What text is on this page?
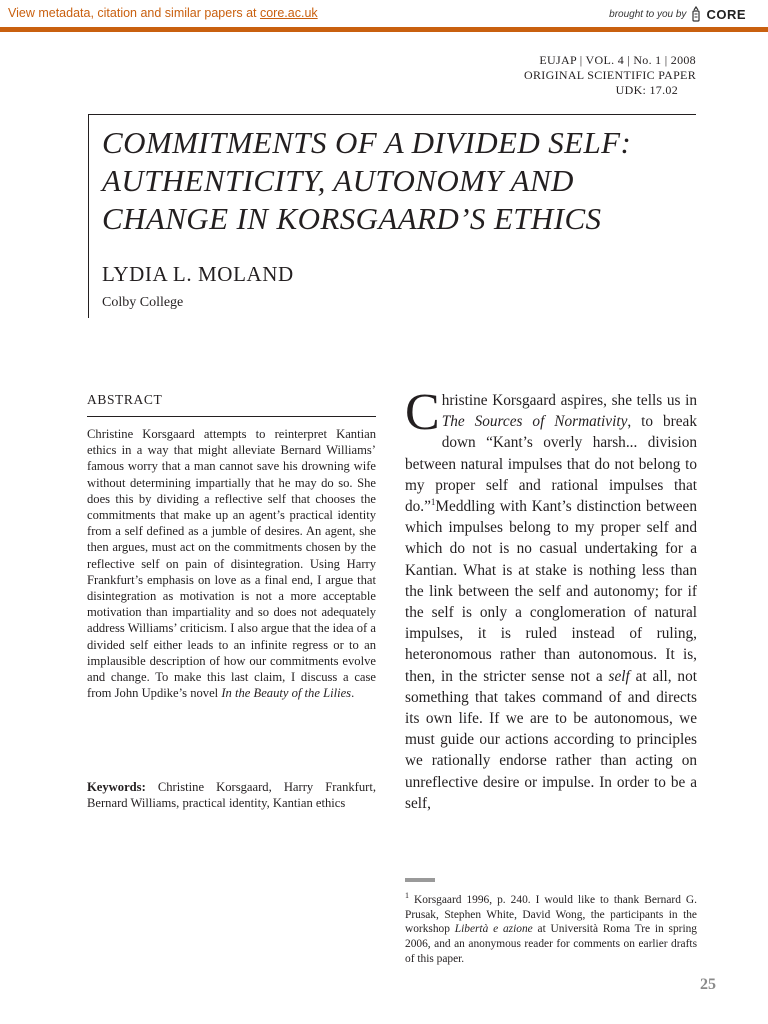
View metadata, citation and similar papers at core.ac.uk	brought to you by CORE
EUJAP | VOL. 4 | No. 1 | 2008
ORIGINAL SCIENTIFIC PAPER
UDK: 17.02
COMMITMENTS OF A DIVIDED SELF:
AUTHENTICITY, AUTONOMY AND
CHANGE IN KORSGAARD’S ETHICS
LYDIA L. MOLAND
Colby College
ABSTRACT

Christine Korsgaard attempts to reinterpret Kantian ethics in a way that might alleviate Bernard Williams’ famous worry that a man cannot save his drowning wife without determining impartially that he may do so. She does this by dividing a reflective self that chooses the commitments that make up an agent’s practical identity from a self defined as a jumble of desires. An agent, she then argues, must act on the commitments chosen by the reflective self on pain of disintegration. Using Harry Frankfurt’s emphasis on love as a final end, I argue that disintegration as motivation is not a more acceptable motivation than impartiality and so does not adequately address Williams’ criticism. I also argue that the idea of a divided self either leads to an infinite regress or to an implausible description of how our commitments evolve and change. To make this last claim, I discuss a case from John Updike’s novel In the Beauty of the Lilies.

Keywords: Christine Korsgaard, Harry Frankfurt, Bernard Williams, practical identity, Kantian ethics

Christine Korsgaard aspires, she tells us in The Sources of Normativity, to break down “Kant’s overly harsh... division between natural impulses that do not belong to my proper self and rational impulses that do.”$^1$Meddling with Kant’s distinction between which impulses belong to my proper self and which do not is no casual undertaking for a Kantian. What is at stake is nothing less than the link between the self and autonomy; for if the self is only a conglomeration of natural impulses, it is ruled instead of ruling, heteronomous rather than autonomous. It is, then, in the stricter sense not a self at all, not something that takes command of and directs its own life. If we are to be autonomous, we must guide our actions according to principles we rationally endorse rather than acting on unreflective desire or impulse. In order to be a self,

$^1$ Korsgaard 1996, p. 240. I would like to thank Bernard G. Prusak, Stephen White, David Wong, the participants in the workshop Libertà e azione at Università Roma Tre in spring 2006, and an anonymous reader for comments on earlier drafts of this paper.

25
